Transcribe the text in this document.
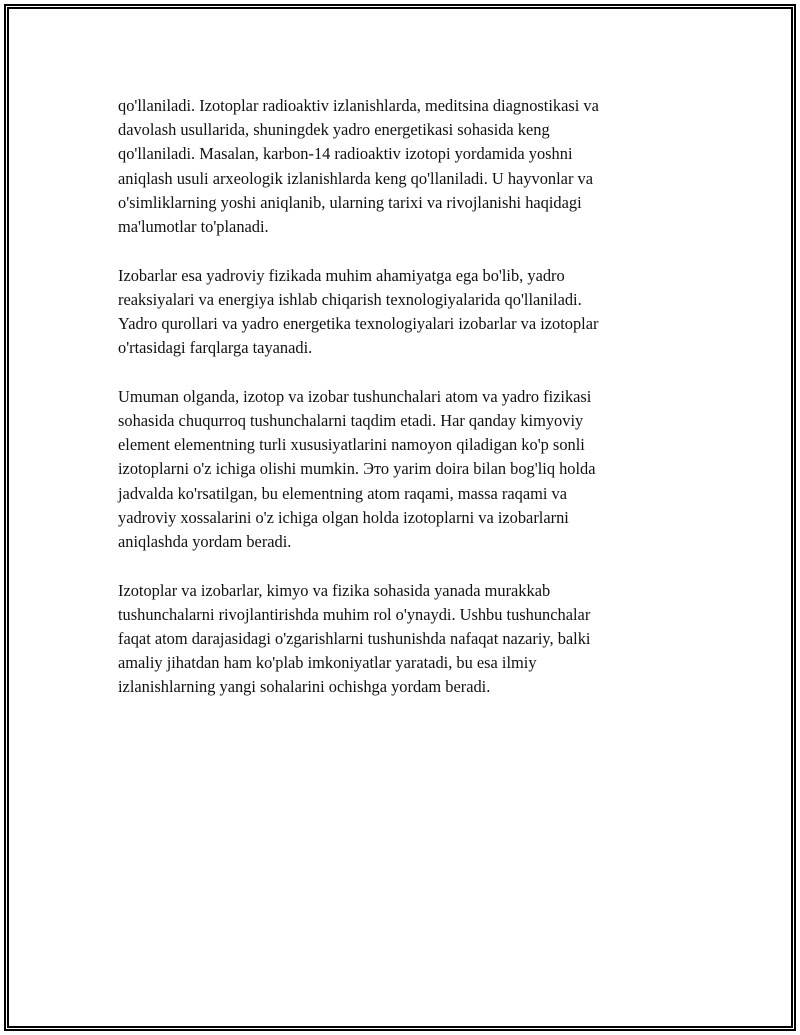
qo'llaniladi. Izotoplar radioaktiv izlanishlarda, meditsina diagnostikasi va
davolash usullarida, shuningdek yadro energetikasi sohasida keng
qo'llaniladi. Masalan, karbon-14 radioaktiv izotopi yordamida yoshni
aniqlash usuli arxeologik izlanishlarda keng qo'llaniladi. U hayvonlar va
o'simliklarning yoshi aniqlanib, ularning tarixi va rivojlanishi haqidagi
ma'lumotlar to'planadi.

Izobarlar esa yadroviy fizikada muhim ahamiyatga ega bo'lib, yadro
reaksiyalari va energiya ishlab chiqarish texnologiyalarida qo'llaniladi.
Yadro qurollari va yadro energetika texnologiyalari izobarlar va izotoplar
o'rtasidagi farqlarga tayanadi.

Umuman olganda, izotop va izobar tushunchalari atom va yadro fizikasi
sohasida chuqurroq tushunchalarni taqdim etadi. Har qanday kimyoviy
element elementning turli xususiyatlarini namoyon qiladigan ko'p sonli
izotoplarni o'z ichiga olishi mumkin. Это yarim doira bilan bog'liq holda
jadvalda ko'rsatilgan, bu elementning atom raqami, massa raqami va
yadroviy xossalarini o'z ichiga olgan holda izotoplarni va izobarlarni
aniqlashda yordam beradi.

Izotoplar va izobarlar, kimyo va fizika sohasida yanada murakkab
tushunchalarni rivojlantirishda muhim rol o'ynaydi. Ushbu tushunchalar
faqat atom darajasidagi o'zgarishlarni tushunishda nafaqat nazariy, balki
amaliy jihatdan ham ko'plab imkoniyatlar yaratadi, bu esa ilmiy
izlanishlarning yangi sohalarini ochishga yordam beradi.
